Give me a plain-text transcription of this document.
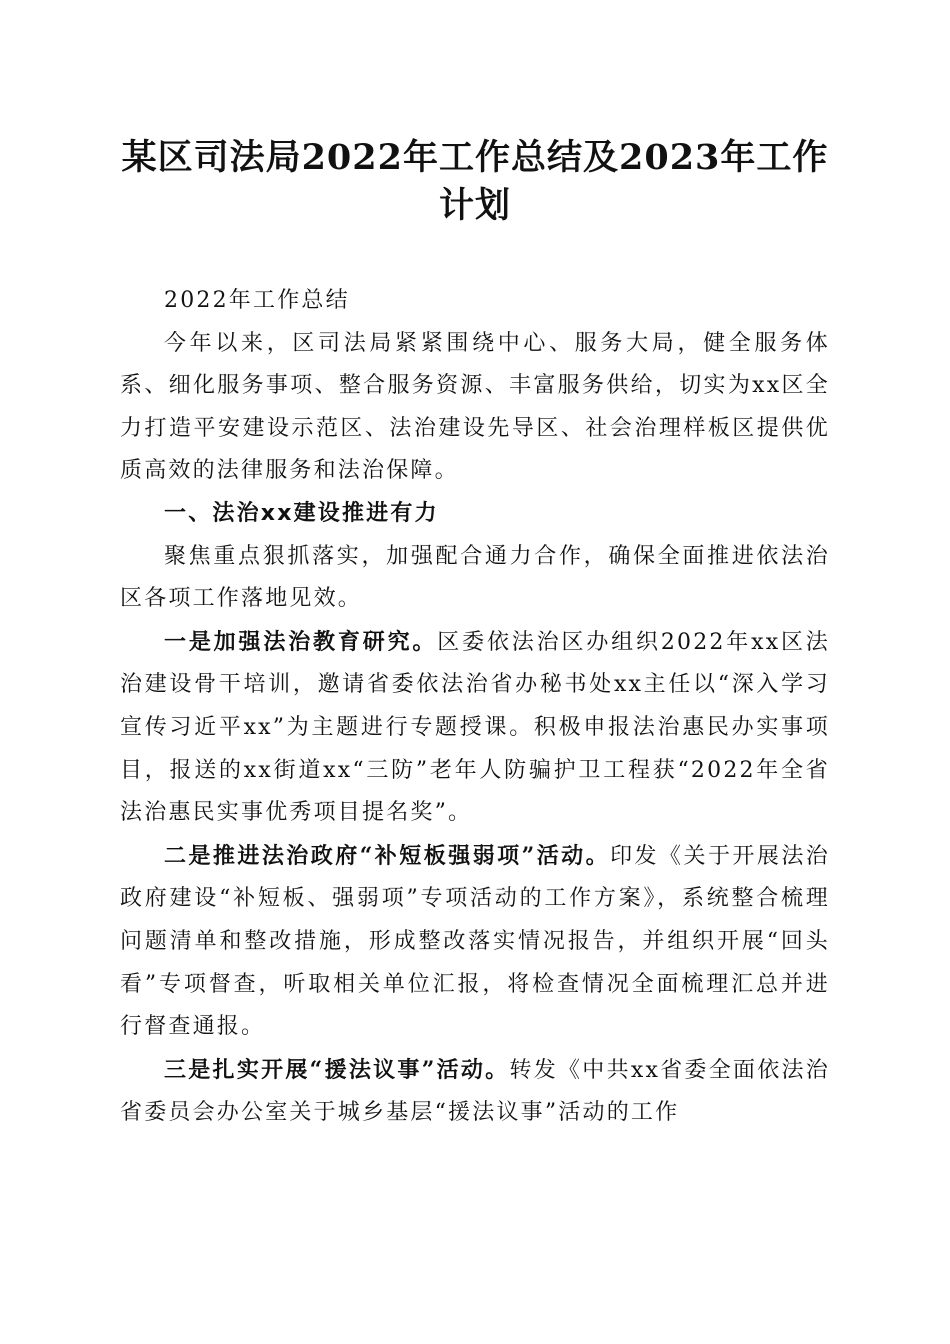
某区司法局2022年工作总结及2023年工作计划

2022年工作总结

今年以来，区司法局紧紧围绕中心、服务大局，健全服务体系、细化服务事项、整合服务资源、丰富服务供给，切实为xx区全力打造平安建设示范区、法治建设先导区、社会治理样板区提供优质高效的法律服务和法治保障。

一、法治xx建设推进有力

聚焦重点狠抓落实，加强配合通力合作，确保全面推进依法治区各项工作落地见效。

一是加强法治教育研究。区委依法治区办组织2022年xx区法治建设骨干培训，邀请省委依法治省办秘书处xx主任以“深入学习宣传习近平xx”为主题进行专题授课。积极申报法治惠民办实事项目，报送的xx街道xx“三防”老年人防骗护卫工程获“2022年全省法治惠民实事优秀项目提名奖”。

二是推进法治政府“补短板强弱项”活动。印发《关于开展法治政府建设“补短板、强弱项”专项活动的工作方案》，系统整合梳理问题清单和整改措施，形成整改落实情况报告，并组织开展“回头看”专项督查，听取相关单位汇报，将检查情况全面梳理汇总并进行督查通报。

三是扎实开展“援法议事”活动。转发《中共xx省委全面依法治省委员会办公室关于城乡基层“援法议事”活动的工作
